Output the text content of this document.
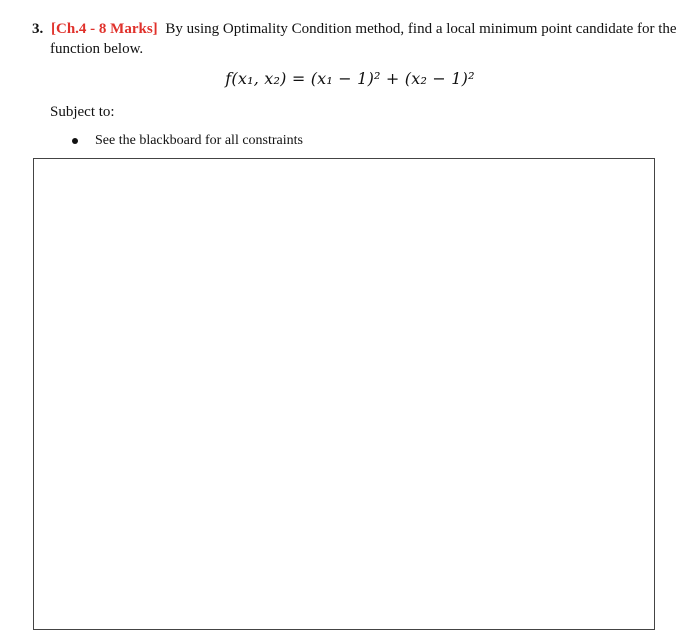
3. [Ch.4 - 8 Marks] By using Optimality Condition method, find a local minimum point candidate for the
function below.
f(x₁, x₂) = (x₁ − 1)² + (x₂ − 1)²
Subject to:
See the blackboard for all constraints
